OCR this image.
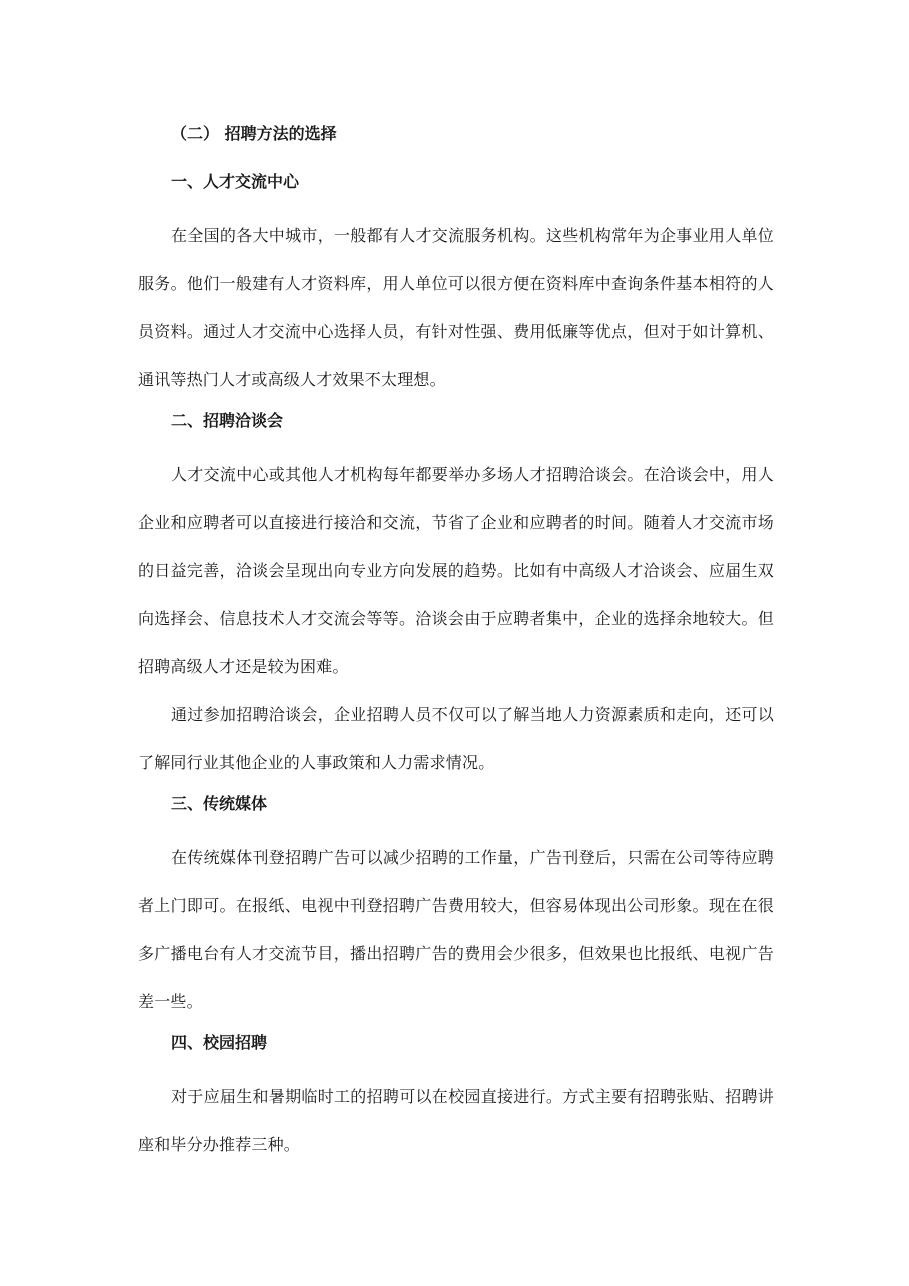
（二） 招聘方法的选择
一、人才交流中心

在全国的各大中城市，一般都有人才交流服务机构。这些机构常年为企事业用人单位服务。他们一般建有人才资料库，用人单位可以很方便在资料库中查询条件基本相符的人员资料。通过人才交流中心选择人员，有针对性强、费用低廉等优点，但对于如计算机、通讯等热门人才或高级人才效果不太理想。

二、招聘洽谈会

人才交流中心或其他人才机构每年都要举办多场人才招聘洽谈会。在洽谈会中，用人企业和应聘者可以直接进行接洽和交流，节省了企业和应聘者的时间。随着人才交流市场的日益完善，洽谈会呈现出向专业方向发展的趋势。比如有中高级人才洽谈会、应届生双向选择会、信息技术人才交流会等等。洽谈会由于应聘者集中，企业的选择余地较大。但招聘高级人才还是较为困难。

通过参加招聘洽谈会，企业招聘人员不仅可以了解当地人力资源素质和走向，还可以了解同行业其他企业的人事政策和人力需求情况。

三、传统媒体

在传统媒体刊登招聘广告可以减少招聘的工作量，广告刊登后，只需在公司等待应聘者上门即可。在报纸、电视中刊登招聘广告费用较大，但容易体现出公司形象。现在在很多广播电台有人才交流节目，播出招聘广告的费用会少很多，但效果也比报纸、电视广告差一些。

四、校园招聘

对于应届生和暑期临时工的招聘可以在校园直接进行。方式主要有招聘张贴、招聘讲座和毕分办推荐三种。
